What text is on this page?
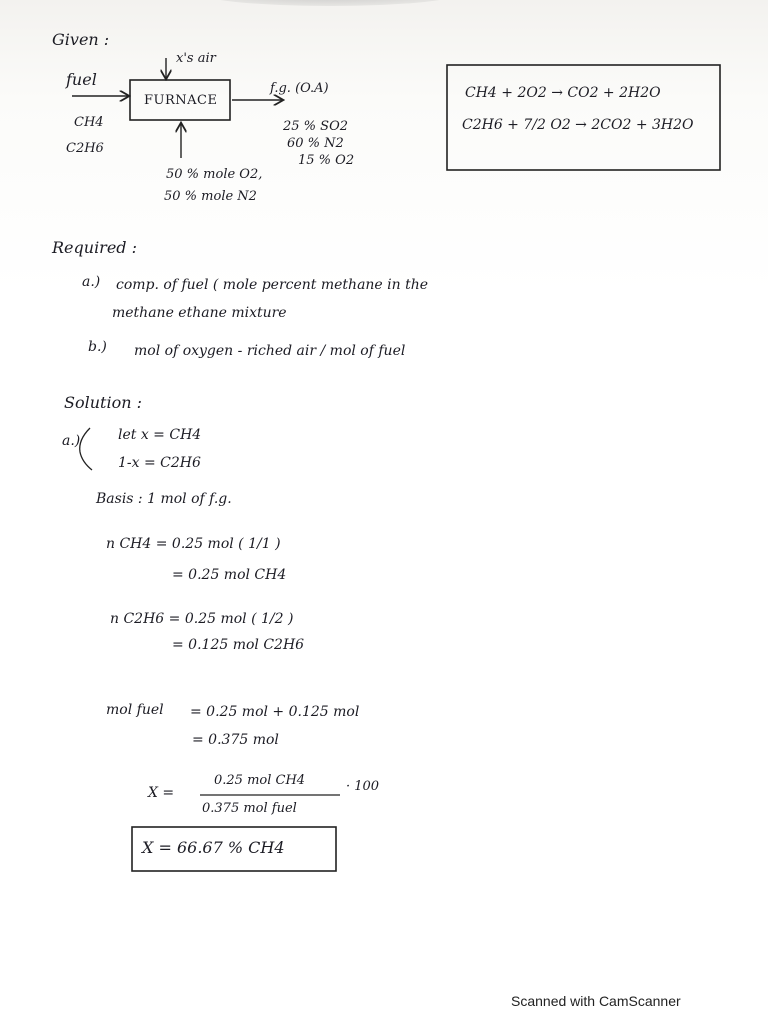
Given :
x's air
fuel
CH4
C2H6
FURNACE
f.g. (O.A)
25 % SO2
60 % N2
15 % O2
50 % mole O2,
50 % mole N2
CH4 + 2O2 → CO2 + 2H2O
C2H6 + 7/2 O2 → 2CO2 + 3H2O
Required :
a.) comp. of fuel ( mole percent methane in the
methane ethane mixture
b.) mol of oxygen - riched air / mol of fuel
Solution :
a.)	let x = CH4
1-x = C2H6
Basis : 1 mol of f.g.
n CH4 = 0.25 mol ( 1/1 )
= 0.25 mol CH4
n C2H6 = 0.25 mol ( 1/2 )
= 0.125 mol C2H6
mol fuel = 0.25 mol + 0.125 mol
= 0.375 mol
X =
0.25 mol CH4
0.375 mol fuel
· 100
X = 66.67 % CH4
Scanned with CamScanner
